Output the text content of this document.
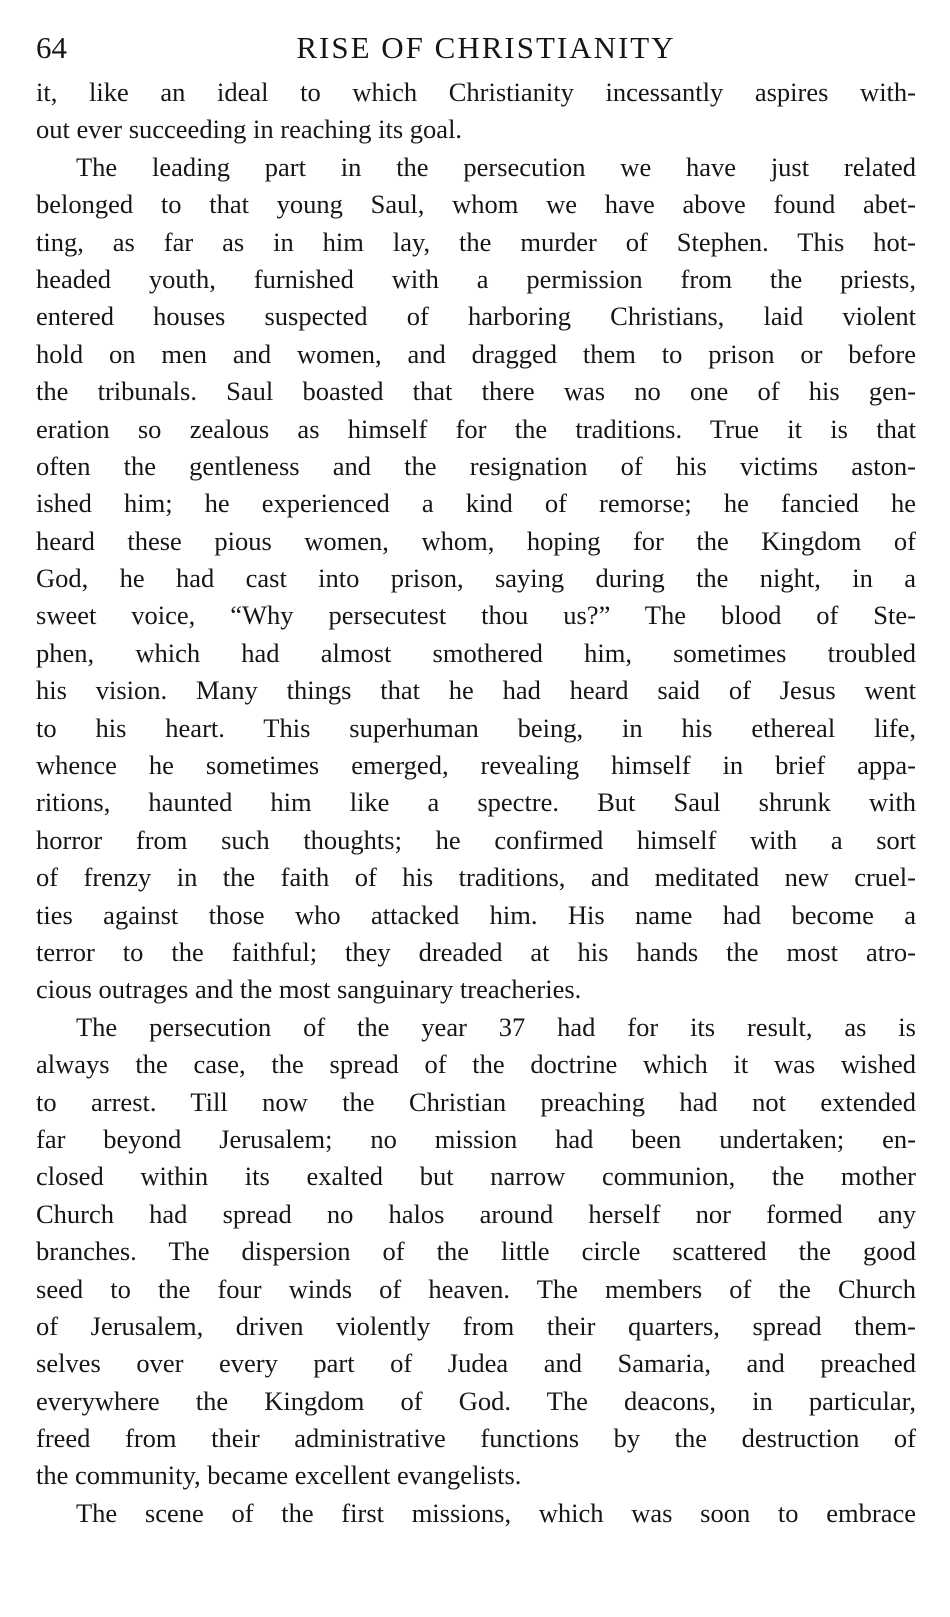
64	RISE OF CHRISTIANITY
it, like an ideal to which Christianity incessantly aspires with-
out ever succeeding in reaching its goal.
The leading part in the persecution we have just related
belonged to that young Saul, whom we have above found abet-
ting, as far as in him lay, the murder of Stephen. This hot-
headed youth, furnished with a permission from the priests,
entered houses suspected of harboring Christians, laid violent
hold on men and women, and dragged them to prison or before
the tribunals. Saul boasted that there was no one of his gen-
eration so zealous as himself for the traditions. True it is that
often the gentleness and the resignation of his victims aston-
ished him; he experienced a kind of remorse; he fancied he
heard these pious women, whom, hoping for the Kingdom of
God, he had cast into prison, saying during the night, in a
sweet voice, “Why persecutest thou us?” The blood of Ste-
phen, which had almost smothered him, sometimes troubled
his vision. Many things that he had heard said of Jesus went
to his heart. This superhuman being, in his ethereal life,
whence he sometimes emerged, revealing himself in brief appa-
ritions, haunted him like a spectre. But Saul shrunk with
horror from such thoughts; he confirmed himself with a sort
of frenzy in the faith of his traditions, and meditated new cruel-
ties against those who attacked him. His name had become a
terror to the faithful; they dreaded at his hands the most atro-
cious outrages and the most sanguinary treacheries.
The persecution of the year 37 had for its result, as is
always the case, the spread of the doctrine which it was wished
to arrest. Till now the Christian preaching had not extended
far beyond Jerusalem; no mission had been undertaken; en-
closed within its exalted but narrow communion, the mother
Church had spread no halos around herself nor formed any
branches. The dispersion of the little circle scattered the good
seed to the four winds of heaven. The members of the Church
of Jerusalem, driven violently from their quarters, spread them-
selves over every part of Judea and Samaria, and preached
everywhere the Kingdom of God. The deacons, in particular,
freed from their administrative functions by the destruction of
the community, became excellent evangelists.
The scene of the first missions, which was soon to embrace
